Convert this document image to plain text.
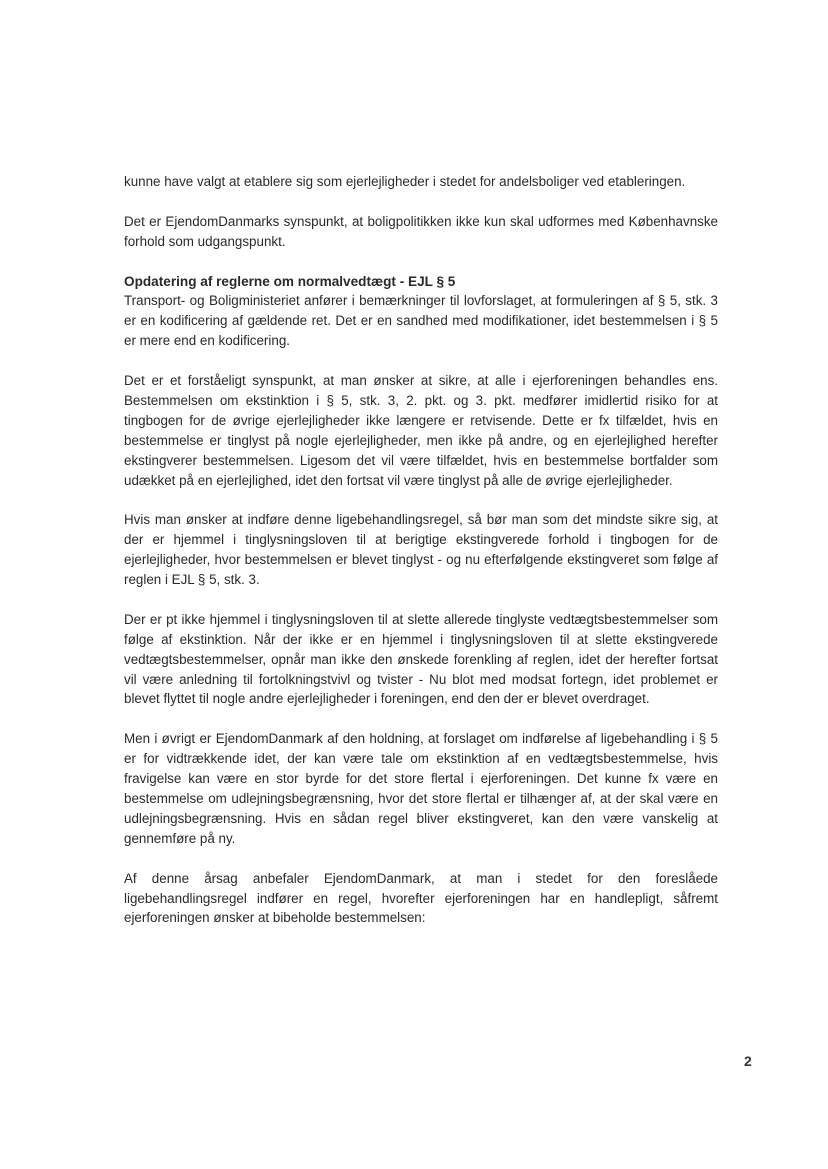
kunne have valgt at etablere sig som ejerlejligheder i stedet for andelsboliger ved etableringen.

Det er EjendomDanmarks synspunkt, at boligpolitikken ikke kun skal udformes med Københavnske forhold som udgangspunkt.

Opdatering af reglerne om normalvedtægt - EJL § 5

Transport- og Boligministeriet anfører i bemærkninger til lovforslaget, at formuleringen af § 5, stk. 3 er en kodificering af gældende ret. Det er en sandhed med modifikationer, idet bestemmelsen i § 5 er mere end en kodificering.

Det er et forståeligt synspunkt, at man ønsker at sikre, at alle i ejerforeningen behandles ens. Bestemmelsen om ekstinktion i § 5, stk. 3, 2. pkt. og 3. pkt. medfører imidlertid risiko for at tingbogen for de øvrige ejerlejligheder ikke længere er retvisende. Dette er fx tilfældet, hvis en bestemmelse er tinglyst på nogle ejerlejligheder, men ikke på andre, og en ejerlejlighed herefter ekstingverer bestemmelsen. Ligesom det vil være tilfældet, hvis en bestemmelse bortfalder som udækket på en ejerlejlighed, idet den fortsat vil være tinglyst på alle de øvrige ejerlejligheder.

Hvis man ønsker at indføre denne ligebehandlingsregel, så bør man som det mindste sikre sig, at der er hjemmel i tinglysningsloven til at berigtige ekstingverede forhold i tingbogen for de ejerlejligheder, hvor bestemmelsen er blevet tinglyst - og nu efterfølgende ekstingveret som følge af reglen i EJL § 5, stk. 3.

Der er pt ikke hjemmel i tinglysningsloven til at slette allerede tinglyste vedtægtsbestemmelser som følge af ekstinktion. Når der ikke er en hjemmel i tinglysningsloven til at slette ekstingverede vedtægtsbestemmelser, opnår man ikke den ønskede forenkling af reglen, idet der herefter fortsat vil være anledning til fortolkningstvivl og tvister - Nu blot med modsat fortegn, idet problemet er blevet flyttet til nogle andre ejerlejligheder i foreningen, end den der er blevet overdraget.

Men i øvrigt er EjendomDanmark af den holdning, at forslaget om indførelse af ligebehandling i § 5 er for vidtrækkende idet, der kan være tale om ekstinktion af en vedtægtsbestemmelse, hvis fravigelse kan være en stor byrde for det store flertal i ejerforeningen. Det kunne fx være en bestemmelse om udlejningsbegrænsning, hvor det store flertal er tilhænger af, at der skal være en udlejningsbegrænsning. Hvis en sådan regel bliver ekstingveret, kan den være vanskelig at gennemføre på ny.

Af denne årsag anbefaler EjendomDanmark, at man i stedet for den foreslåede ligebehandlingsregel indfører en regel, hvorefter ejerforeningen har en handlepligt, såfremt ejerforeningen ønsker at bibeholde bestemmelsen:

2
